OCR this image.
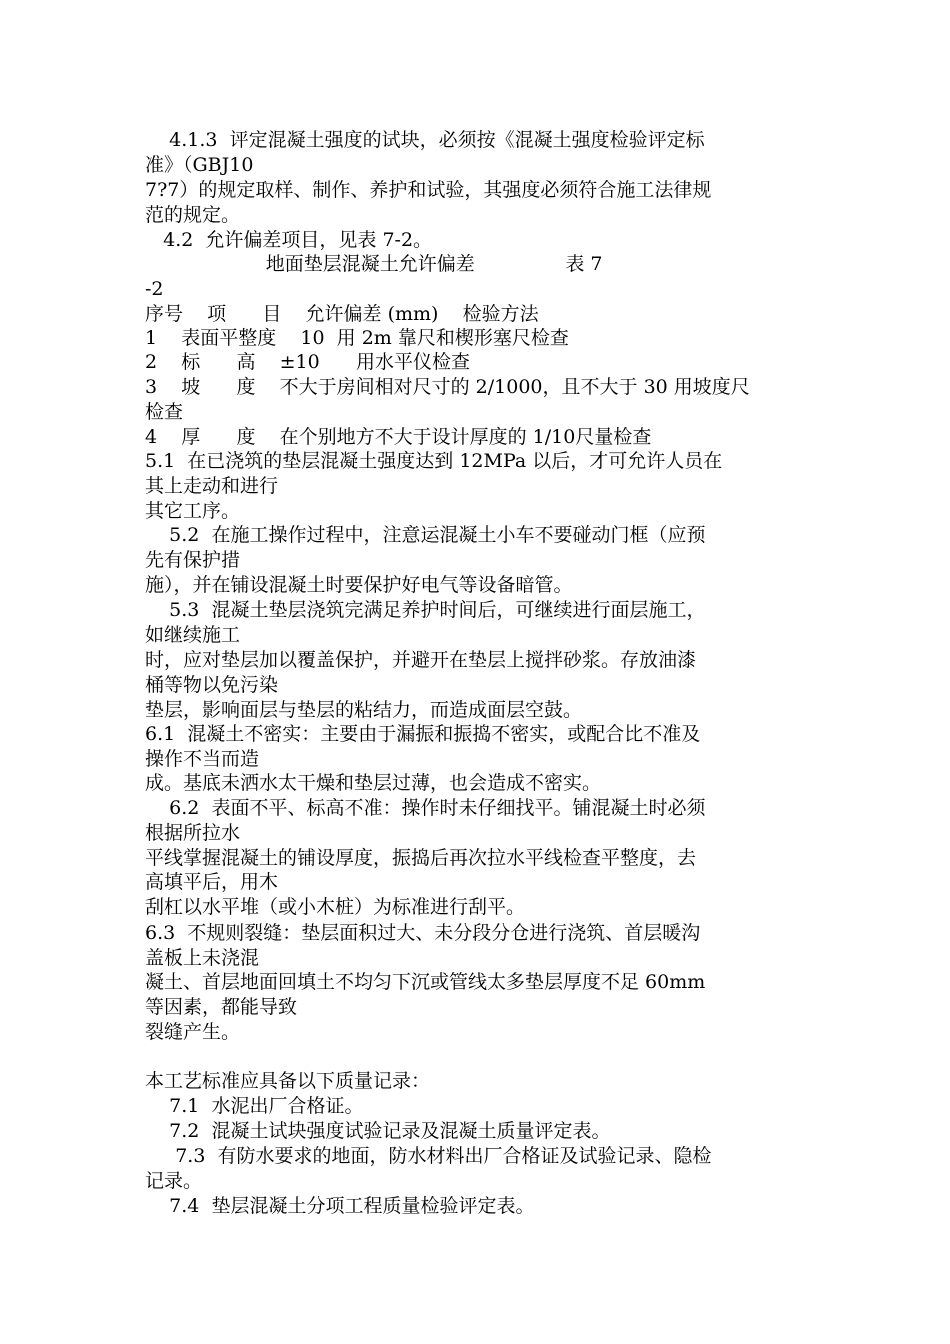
4.1.3  评定混凝土强度的试块，必须按《混凝土强度检验评定标
准》（GBJ10
7?7）的规定取样、制作、养护和试验，其强度必须符合施工法律规
范的规定。
4.2  允许偏差项目，见表 7-2。
地面垫层混凝土允许偏差               表 7
-2
序号    项      目    允许偏差 (mm)    检验方法
1    表面平整度    10  用 2m 靠尺和楔形塞尺检查
2    标      高    ±10      用水平仪检查
3    坡      度    不大于房间相对尺寸的 2/1000，且不大于 30 用坡度尺
检查
4    厚      度    在个别地方不大于设计厚度的 1/10尺量检查
5.1  在已浇筑的垫层混凝土强度达到 12MPa 以后，才可允许人员在
其上走动和进行
其它工序。
5.2  在施工操作过程中，注意运混凝土小车不要碰动门框（应预
先有保护措
施），并在铺设混凝土时要保护好电气等设备暗管。
5.3  混凝土垫层浇筑完满足养护时间后，可继续进行面层施工，
如继续施工
时，应对垫层加以覆盖保护，并避开在垫层上搅拌砂浆。存放油漆
桶等物以免污染
垫层，影响面层与垫层的粘结力，而造成面层空鼓。
6.1  混凝土不密实：主要由于漏振和振捣不密实，或配合比不准及
操作不当而造
成。基底未洒水太干燥和垫层过薄，也会造成不密实。
6.2  表面不平、标高不准：操作时未仔细找平。铺混凝土时必须
根据所拉水
平线掌握混凝土的铺设厚度，振捣后再次拉水平线检查平整度，去
高填平后，用木
刮杠以水平堆（或小木桩）为标准进行刮平。
6.3  不规则裂缝：垫层面积过大、未分段分仓进行浇筑、首层暖沟
盖板上未浇混
凝土、首层地面回填土不均匀下沉或管线太多垫层厚度不足 60mm
等因素，都能导致
裂缝产生。
本工艺标准应具备以下质量记录：
7.1  水泥出厂合格证。
7.2  混凝土试块强度试验记录及混凝土质量评定表。
7.3  有防水要求的地面，防水材料出厂合格证及试验记录、隐检
记录。
7.4  垫层混凝土分项工程质量检验评定表。
